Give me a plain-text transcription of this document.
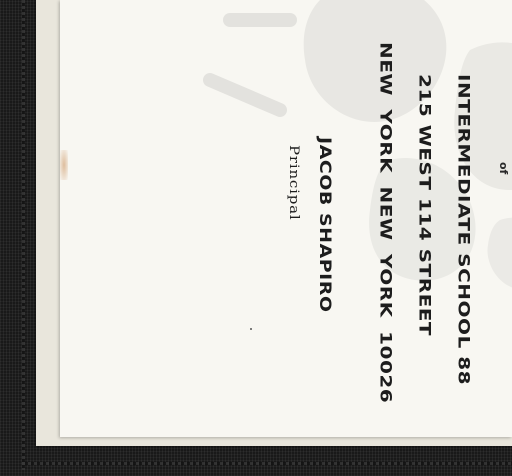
INTERMEDIATE SCHOOL 88
215 WEST 114 STREET
NEW YORK NEW YORK 10026
JACOB SHAPIRO
Principal	of
